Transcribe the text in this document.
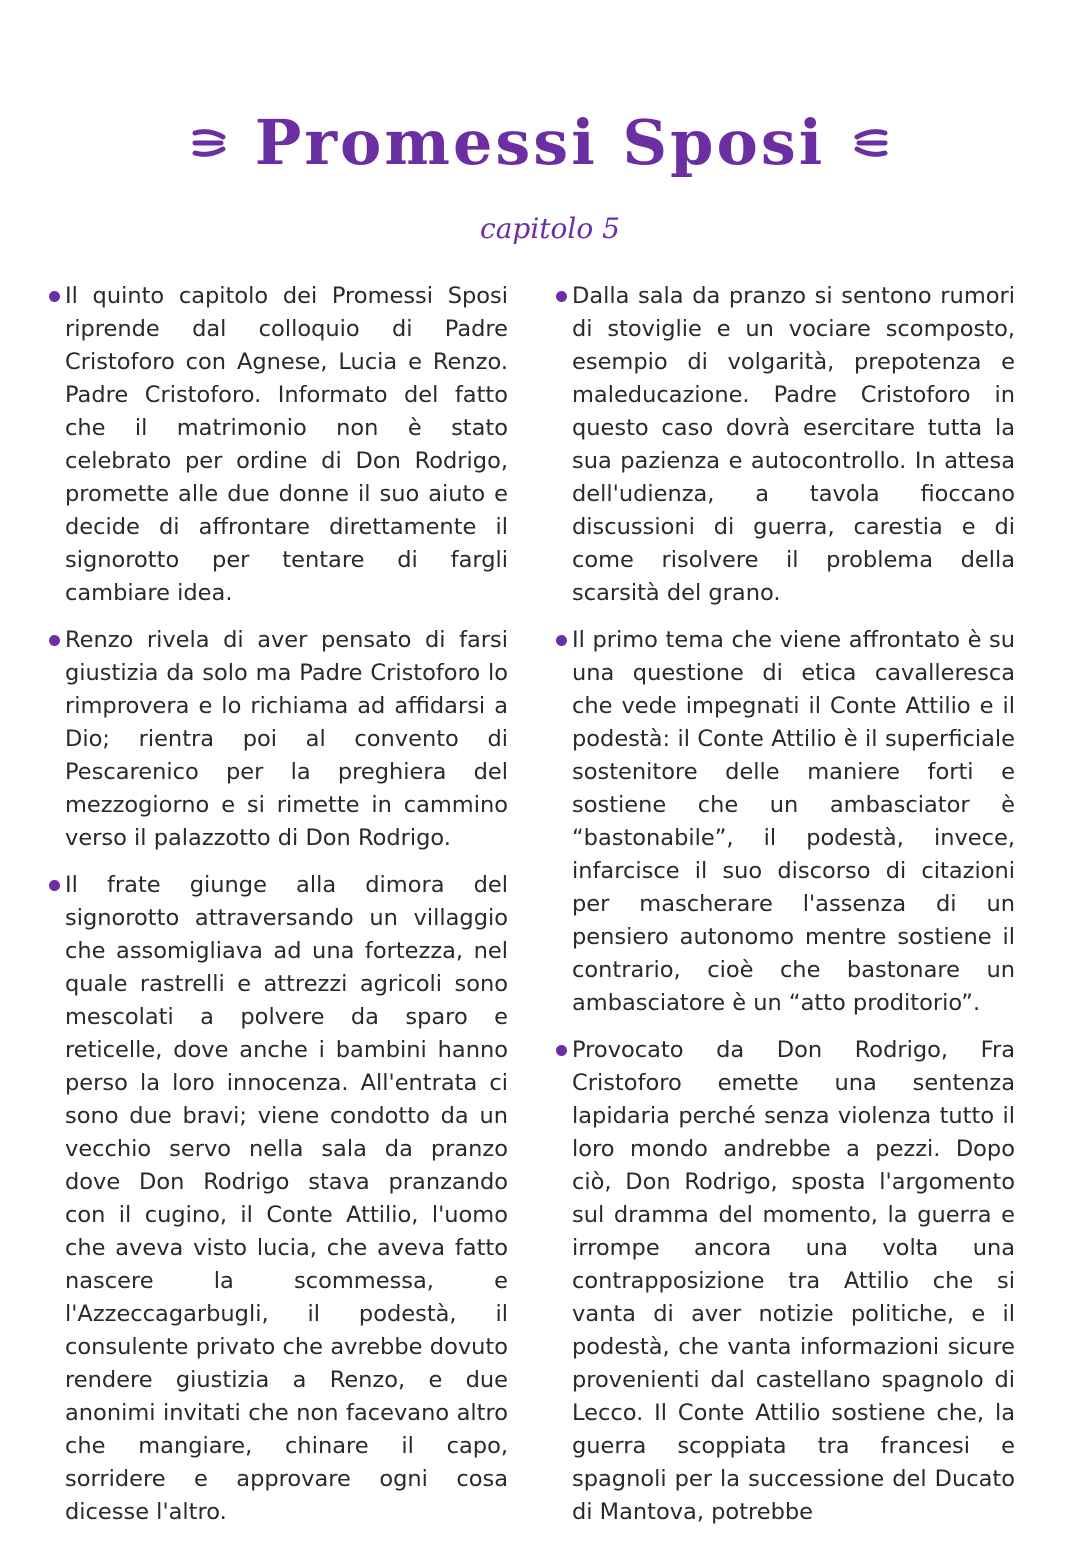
Promessi Sposi
capitolo 5
Il quinto capitolo dei Promessi Sposi riprende dal colloquio di Padre Cristoforo con Agnese, Lucia e Renzo. Padre Cristoforo. Informato del fatto che il matrimonio non è stato celebrato per ordine di Don Rodrigo, promette alle due donne il suo aiuto e decide di affrontare direttamente il signorotto per tentare di fargli cambiare idea.
Renzo rivela di aver pensato di farsi giustizia da solo ma Padre Cristoforo lo rimprovera e lo richiama ad affidarsi a Dio; rientra poi al convento di Pescarenico per la preghiera del mezzogiorno e si rimette in cammino verso il palazzotto di Don Rodrigo.
Il frate giunge alla dimora del signorotto attraversando un villaggio che assomigliava ad una fortezza, nel quale rastrelli e attrezzi agricoli sono mescolati a polvere da sparo e reticelle, dove anche i bambini hanno perso la loro innocenza. All'entrata ci sono due bravi; viene condotto da un vecchio servo nella sala da pranzo dove Don Rodrigo stava pranzando con il cugino, il Conte Attilio, l'uomo che aveva visto lucia, che aveva fatto nascere la scommessa, e l'Azzeccagarbugli, il podestà, il consulente privato che avrebbe dovuto rendere giustizia a Renzo, e due anonimi invitati che non facevano altro che mangiare, chinare il capo, sorridere e approvare ogni cosa dicesse l'altro.
Dalla sala da pranzo si sentono rumori di stoviglie e un vociare scomposto, esempio di volgarità, prepotenza e maleducazione. Padre Cristoforo in questo caso dovrà esercitare tutta la sua pazienza e autocontrollo. In attesa dell'udienza, a tavola fioccano discussioni di guerra, carestia e di come risolvere il problema della scarsità del grano.
Il primo tema che viene affrontato è su una questione di etica cavalleresca che vede impegnati il Conte Attilio e il podestà: il Conte Attilio è il superficiale sostenitore delle maniere forti e sostiene che un ambasciator è “bastonabile”, il podestà, invece, infarcisce il suo discorso di citazioni per mascherare l'assenza di un pensiero autonomo mentre sostiene il contrario, cioè che bastonare un ambasciatore è un “atto proditorio”.
Provocato da Don Rodrigo, Fra Cristoforo emette una sentenza lapidaria perché senza violenza tutto il loro mondo andrebbe a pezzi. Dopo ciò, Don Rodrigo, sposta l'argomento sul dramma del momento, la guerra e irrompe ancora una volta una contrapposizione tra Attilio che si vanta di aver notizie politiche, e il podestà, che vanta informazioni sicure provenienti dal castellano spagnolo di Lecco. Il Conte Attilio sostiene che, la guerra scoppiata tra francesi e spagnoli per la successione del Ducato di Mantova, potrebbe
